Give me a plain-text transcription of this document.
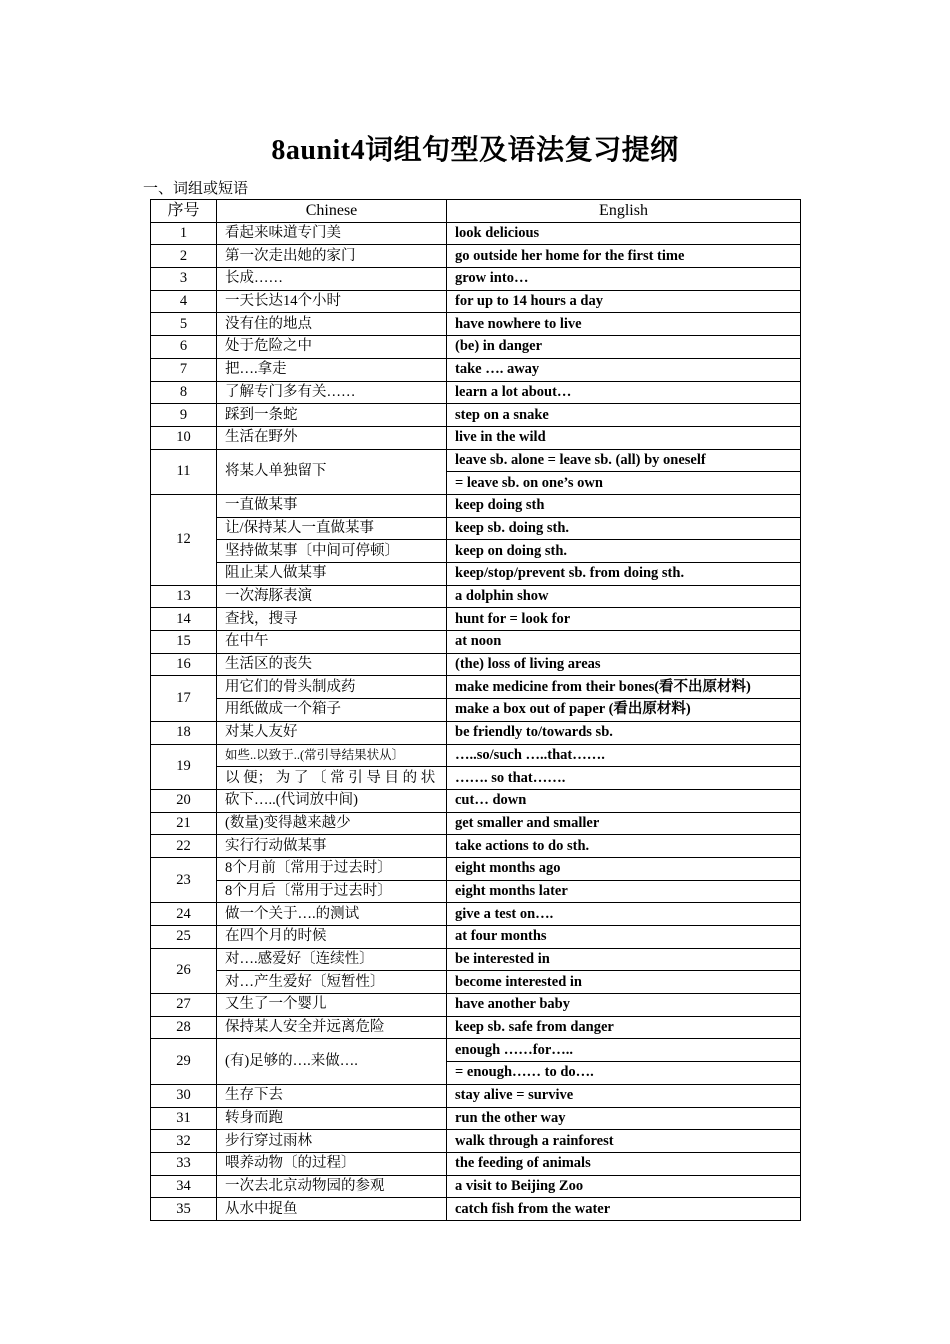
8aunit4词组句型及语法复习提纲
一、词组或短语
序号	Chinese	English
1	看起来味道专门美	look delicious
2	第一次走出她的家门	go outside her home for the first time
3	长成……	grow into…
4	一天长达14个小时	for up to 14 hours a day
5	没有住的地点	have nowhere to live
6	处于危险之中	(be) in danger
7	把….拿走	take …. away
8	了解专门多有关……	learn a lot about…
9	踩到一条蛇	step on a snake
10	生活在野外	live in the wild
11	将某人单独留下	leave sb. alone = leave sb. (all) by oneself
		= leave sb. on one’s own
12	一直做某事	keep doing sth
	让/保持某人一直做某事	keep sb. doing sth.
	坚持做某事〔中间可停顿〕	keep on doing sth.
	阻止某人做某事	keep/stop/prevent sb. from doing sth.
13	一次海豚表演	a dolphin show
14	查找，搜寻	hunt for = look for
15	在中午	at noon
16	生活区的丧失	(the) loss of living areas
17	用它们的骨头制成药	make medicine from their bones(看不出原材料)
	用纸做成一个箱子	make a box out of paper (看出原材料)
18	对某人友好	be friendly to/towards sb.
19	如些..以致于..(常引导结果状从〕	…..so/such …..that…….
	以 便； 为 了 〔 常 引 导 目 的 状	……. so that…….
20	砍下…..(代词放中间)	cut… down
21	(数量)变得越来越少	get smaller and smaller
22	实行行动做某事	take actions to do sth.
23	8个月前〔常用于过去时〕	eight months ago
	8个月后〔常用于过去时〕	eight months later
24	做一个关于….的测试	give a test on….
25	在四个月的时候	at four months
26	对….感爱好〔连续性〕	be interested in
	对…产生爱好〔短暂性〕	become interested in
27	又生了一个婴儿	have another baby
28	保持某人安全并远离危险	keep sb. safe from danger
29	(有)足够的….来做….	enough ……for…..
		= enough…… to do….
30	生存下去	stay alive = survive
31	转身而跑	run the other way
32	步行穿过雨林	walk through a rainforest
33	喂养动物〔的过程〕	the feeding of animals
34	一次去北京动物园的参观	a visit to Beijing Zoo
35	从水中捉鱼	catch fish from the water
